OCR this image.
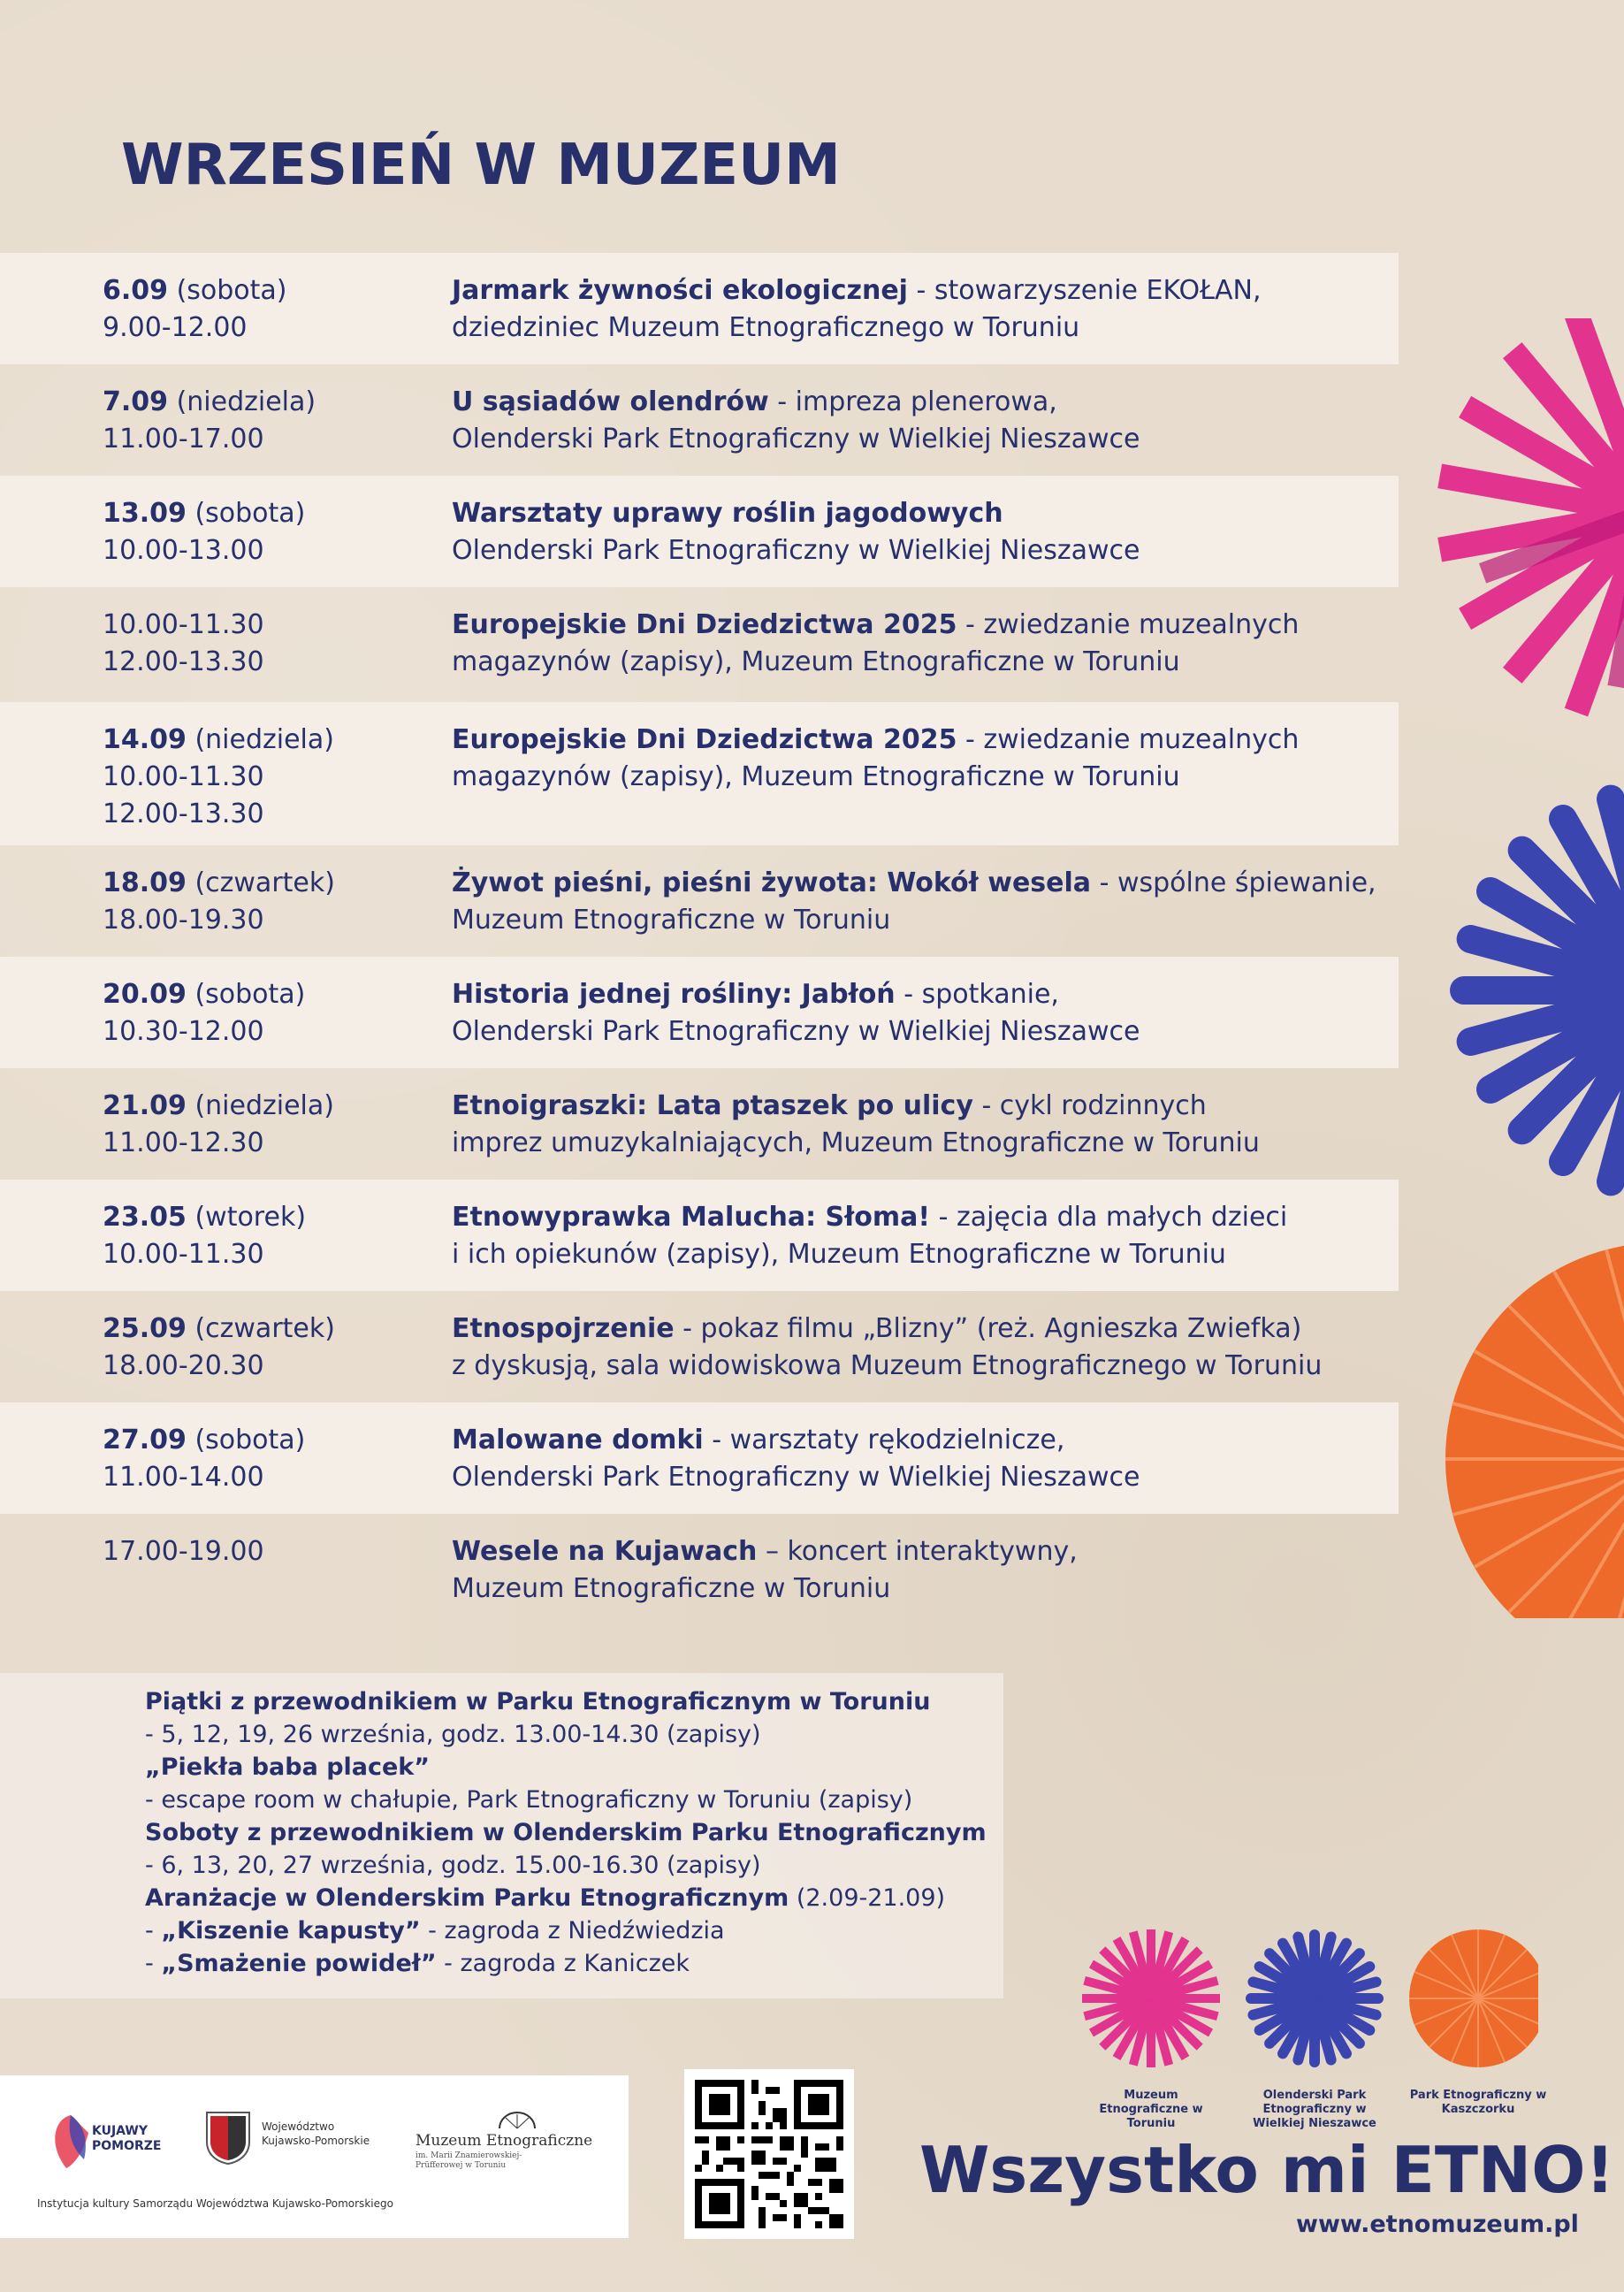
WRZESIEŃ W MUZEUM
6.09 (sobota)
9.00-12.00
Jarmark żywności ekologicznej - stowarzyszenie EKOŁAN,
dziedziniec Muzeum Etnograficznego w Toruniu
7.09 (niedziela)
11.00-17.00
U sąsiadów olendrów - impreza plenerowa,
Olenderski Park Etnograficzny w Wielkiej Nieszawce
13.09 (sobota)
10.00-13.00
Warsztaty uprawy roślin jagodowych
Olenderski Park Etnograficzny w Wielkiej Nieszawce
10.00-11.30
12.00-13.30
Europejskie Dni Dziedzictwa 2025 - zwiedzanie muzealnych
magazynów (zapisy), Muzeum Etnograficzne w Toruniu
14.09 (niedziela)
10.00-11.30
12.00-13.30
Europejskie Dni Dziedzictwa 2025 - zwiedzanie muzealnych
magazynów (zapisy), Muzeum Etnograficzne w Toruniu
18.09 (czwartek)
18.00-19.30
Żywot pieśni, pieśni żywota: Wokół wesela - wspólne śpiewanie,
Muzeum Etnograficzne w Toruniu
20.09 (sobota)
10.30-12.00
Historia jednej rośliny: Jabłoń - spotkanie,
Olenderski Park Etnograficzny w Wielkiej Nieszawce
21.09 (niedziela)
11.00-12.30
Etnoigraszki: Lata ptaszek po ulicy - cykl rodzinnych
imprez umuzykalniających, Muzeum Etnograficzne w Toruniu
23.05 (wtorek)
10.00-11.30
Etnowyprawka Malucha: Słoma! - zajęcia dla małych dzieci
i ich opiekunów (zapisy), Muzeum Etnograficzne w Toruniu
25.09 (czwartek)
18.00-20.30
Etnospojrzenie - pokaz filmu „Blizny” (reż. Agnieszka Zwiefka)
z dyskusją, sala widowiskowa Muzeum Etnograficznego w Toruniu
27.09 (sobota)
11.00-14.00
Malowane domki - warsztaty rękodzielnicze,
Olenderski Park Etnograficzny w Wielkiej Nieszawce
17.00-19.00	Wesele na Kujawach – koncert interaktywny,
Muzeum Etnograficzne w Toruniu
Piątki z przewodnikiem w Parku Etnograficznym w Toruniu
- 5, 12, 19, 26 września, godz. 13.00-14.30 (zapisy)
„Piekła baba placek”
- escape room w chałupie, Park Etnograficzny w Toruniu (zapisy)
Soboty z przewodnikiem w Olenderskim Parku Etnograficznym
- 6, 13, 20, 27 września, godz. 15.00-16.30 (zapisy)
Aranżacje w Olenderskim Parku Etnograficznym (2.09-21.09)
- „Kiszenie kapusty” - zagroda z Niedźwiedzia
- „Smażenie powideł” - zagroda z Kaniczek
Muzeum Etnograficzne w Toruniu
Olenderski Park Etnograficzny w Wielkiej Nieszawce
Park Etnograficzny w Kaszczorku
Wszystko mi ETNO!
www.etnomuzeum.pl
KUJAWY POMORZE
Województwo Kujawsko-Pomorskie	Muzeum Etnograficzne
im. Marii Znamierowskiej-Prüfferowej w Toruniu
Instytucja kultury Samorządu Województwa Kujawsko-Pomorskiego
